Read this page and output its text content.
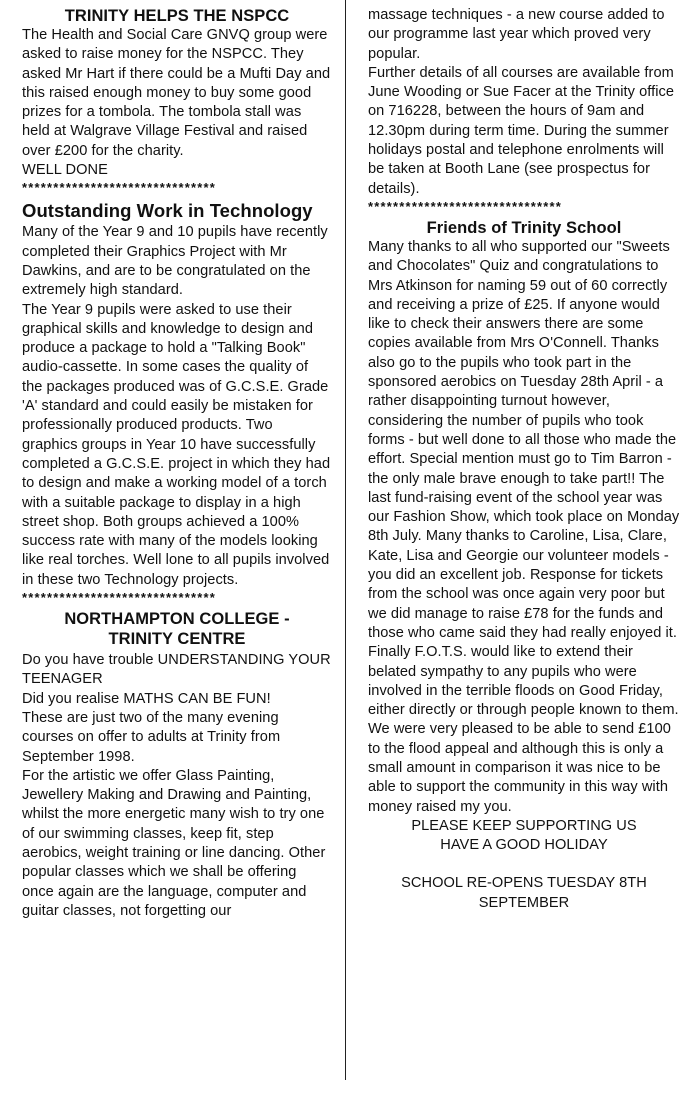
TRINITY HELPS THE NSPCC

The Health and Social Care GNVQ group were asked to raise money for the NSPCC. They asked Mr Hart if there could be a Mufti Day and this raised enough money to buy some good prizes for a tombola. The tombola stall was held at Walgrave Village Festival and raised over £200 for the charity.

WELL DONE

*******************************

Outstanding Work in Technology

Many of the Year 9 and 10 pupils have recently completed their Graphics Project with Mr Dawkins, and are to be congratulated on the extremely high standard.

The Year 9 pupils were asked to use their graphical skills and knowledge to design and produce a package to hold a "Talking Book" audio-cassette. In some cases the quality of the packages produced was of G.C.S.E. Grade 'A' standard and could easily be mistaken for professionally produced products. Two graphics groups in Year 10 have successfully completed a G.C.S.E. project in which they had to design and make a working model of a torch with a suitable package to display in a high street shop. Both groups achieved a 100% success rate with many of the models looking like real torches. Well lone to all pupils involved in these two Technology projects.

*******************************

NORTHAMPTON COLLEGE -

TRINITY CENTRE

Do you have trouble UNDERSTANDING YOUR TEENAGER

Did you realise MATHS CAN BE FUN!

These are just two of the many evening courses on offer to adults at Trinity from September 1998.

For the artistic we offer Glass Painting, Jewellery Making and Drawing and Painting, whilst the more energetic many wish to try one of our swimming classes, keep fit, step aerobics, weight training or line dancing. Other popular classes which we shall be offering once again are the language, computer and guitar classes, not forgetting our

massage techniques - a new course added to our programme last year which proved very popular.

Further details of all courses are available from June Wooding or Sue Facer at the Trinity office on 716228, between the hours of 9am and 12.30pm during term time. During the summer holidays postal and telephone enrolments will be taken at Booth Lane (see prospectus for details).

*******************************

Friends of Trinity School

Many thanks to all who supported our "Sweets and Chocolates" Quiz and congratulations to Mrs Atkinson for naming 59 out of 60 correctly and receiving a prize of £25. If anyone would like to check their answers there are some copies available from Mrs O'Connell. Thanks also go to the pupils who took part in the sponsored aerobics on Tuesday 28th April - a rather disappointing turnout however, considering the number of pupils who took forms - but well done to all those who made the effort. Special mention must go to Tim Barron - the only male brave enough to take part!! The last fund-raising event of the school year was our Fashion Show, which took place on Monday 8th July. Many thanks to Caroline, Lisa, Clare, Kate, Lisa and Georgie our volunteer models - you did an excellent job. Response for tickets from the school was once again very poor but we did manage to raise £78 for the funds and those who came said they had really enjoyed it.

Finally F.O.T.S. would like to extend their belated sympathy to any pupils who were involved in the terrible floods on Good Friday, either directly or through people known to them. We were very pleased to be able to send £100 to the flood appeal and although this is only a small amount in comparison it was nice to be able to support the community in this way with money raised my you.

PLEASE KEEP SUPPORTING US

HAVE A GOOD HOLIDAY

SCHOOL RE-OPENS TUESDAY 8TH SEPTEMBER
